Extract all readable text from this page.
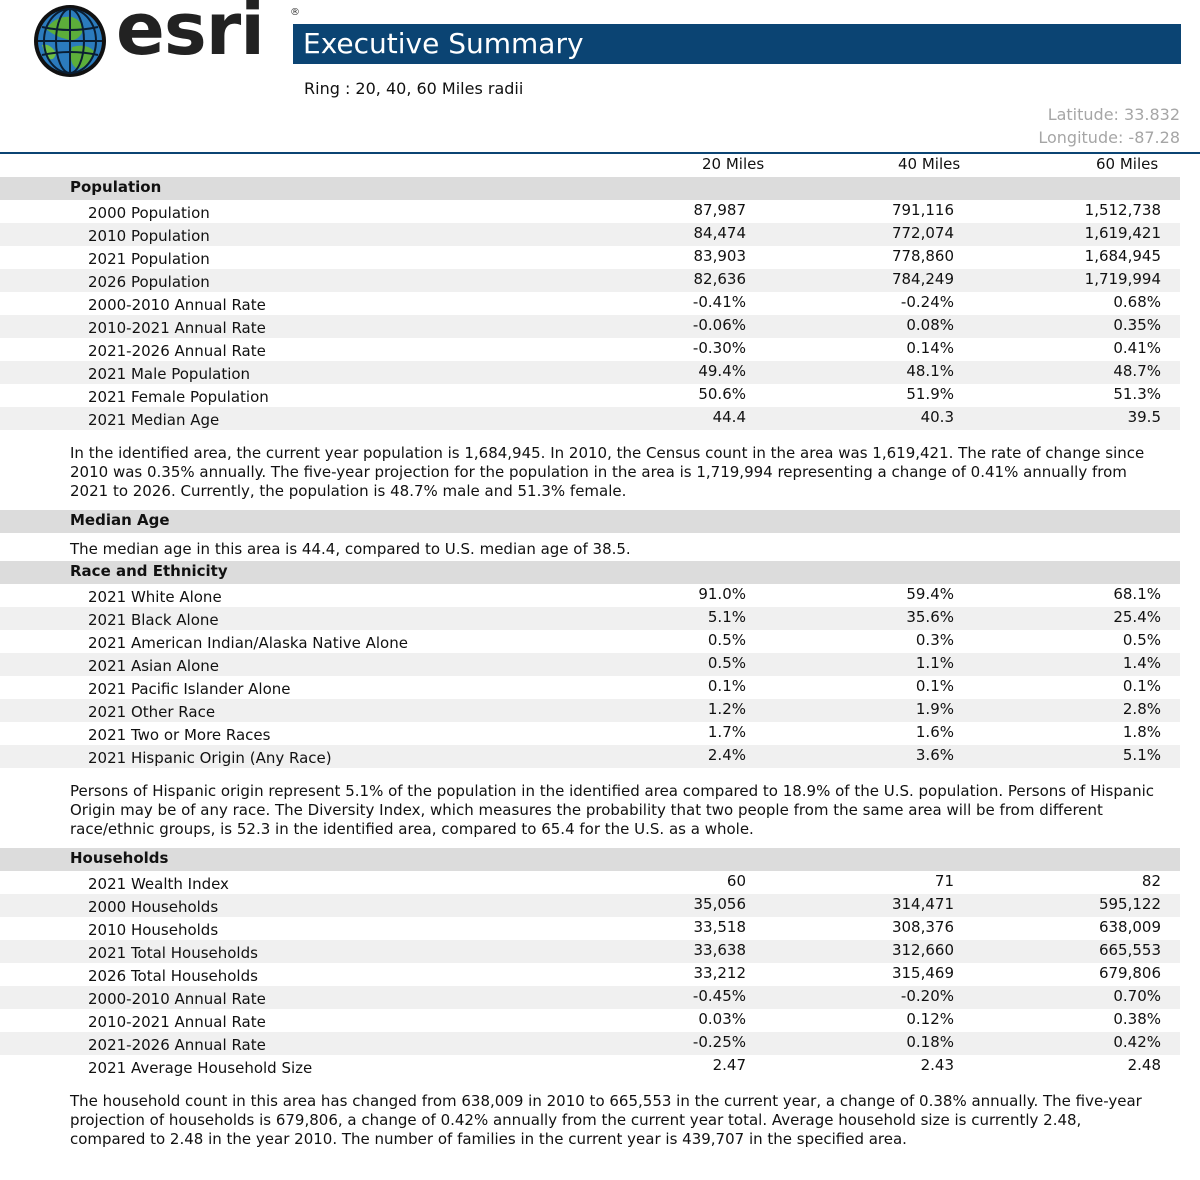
esri	®
Executive Summary
Ring : 20, 40, 60 Miles radii
Latitude: 33.832
Longitude: -87.28
20 Miles	40 Miles	60 Miles
Population
2000 Population	87,987	791,116	1,512,738
2010 Population	84,474	772,074	1,619,421
2021 Population	83,903	778,860	1,684,945
2026 Population	82,636	784,249	1,719,994
2000-2010 Annual Rate	-0.41%	-0.24%	0.68%
2010-2021 Annual Rate	-0.06%	0.08%	0.35%
2021-2026 Annual Rate	-0.30%	0.14%	0.41%
2021 Male Population	49.4%	48.1%	48.7%
2021 Female Population	50.6%	51.9%	51.3%
2021 Median Age	44.4	40.3	39.5
In the identified area, the current year population is 1,684,945. In 2010, the Census count in the area was 1,619,421. The rate of change since 2010 was 0.35% annually. The five-year projection for the population in the area is 1,719,994 representing a change of 0.41% annually from 2021 to 2026. Currently, the population is 48.7% male and 51.3% female.
Median Age
The median age in this area is 44.4, compared to U.S. median age of 38.5.
Race and Ethnicity
2021 White Alone	91.0%	59.4%	68.1%
2021 Black Alone	5.1%	35.6%	25.4%
2021 American Indian/Alaska Native Alone	0.5%	0.3%	0.5%
2021 Asian Alone	0.5%	1.1%	1.4%
2021 Pacific Islander Alone	0.1%	0.1%	0.1%
2021 Other Race	1.2%	1.9%	2.8%
2021 Two or More Races	1.7%	1.6%	1.8%
2021 Hispanic Origin (Any Race)	2.4%	3.6%	5.1%
Persons of Hispanic origin represent 5.1% of the population in the identified area compared to 18.9% of the U.S. population. Persons of Hispanic Origin may be of any race. The Diversity Index, which measures the probability that two people from the same area will be from different race/ethnic groups, is 52.3 in the identified area, compared to 65.4 for the U.S. as a whole.
Households
2021 Wealth Index	60	71	82
2000 Households	35,056	314,471	595,122
2010 Households	33,518	308,376	638,009
2021 Total Households	33,638	312,660	665,553
2026 Total Households	33,212	315,469	679,806
2000-2010 Annual Rate	-0.45%	-0.20%	0.70%
2010-2021 Annual Rate	0.03%	0.12%	0.38%
2021-2026 Annual Rate	-0.25%	0.18%	0.42%
2021 Average Household Size	2.47	2.43	2.48
The household count in this area has changed from 638,009 in 2010 to 665,553 in the current year, a change of 0.38% annually. The five-year projection of households is 679,806, a change of 0.42% annually from the current year total. Average household size is currently 2.48, compared to 2.48 in the year 2010. The number of families in the current year is 439,707 in the specified area.
